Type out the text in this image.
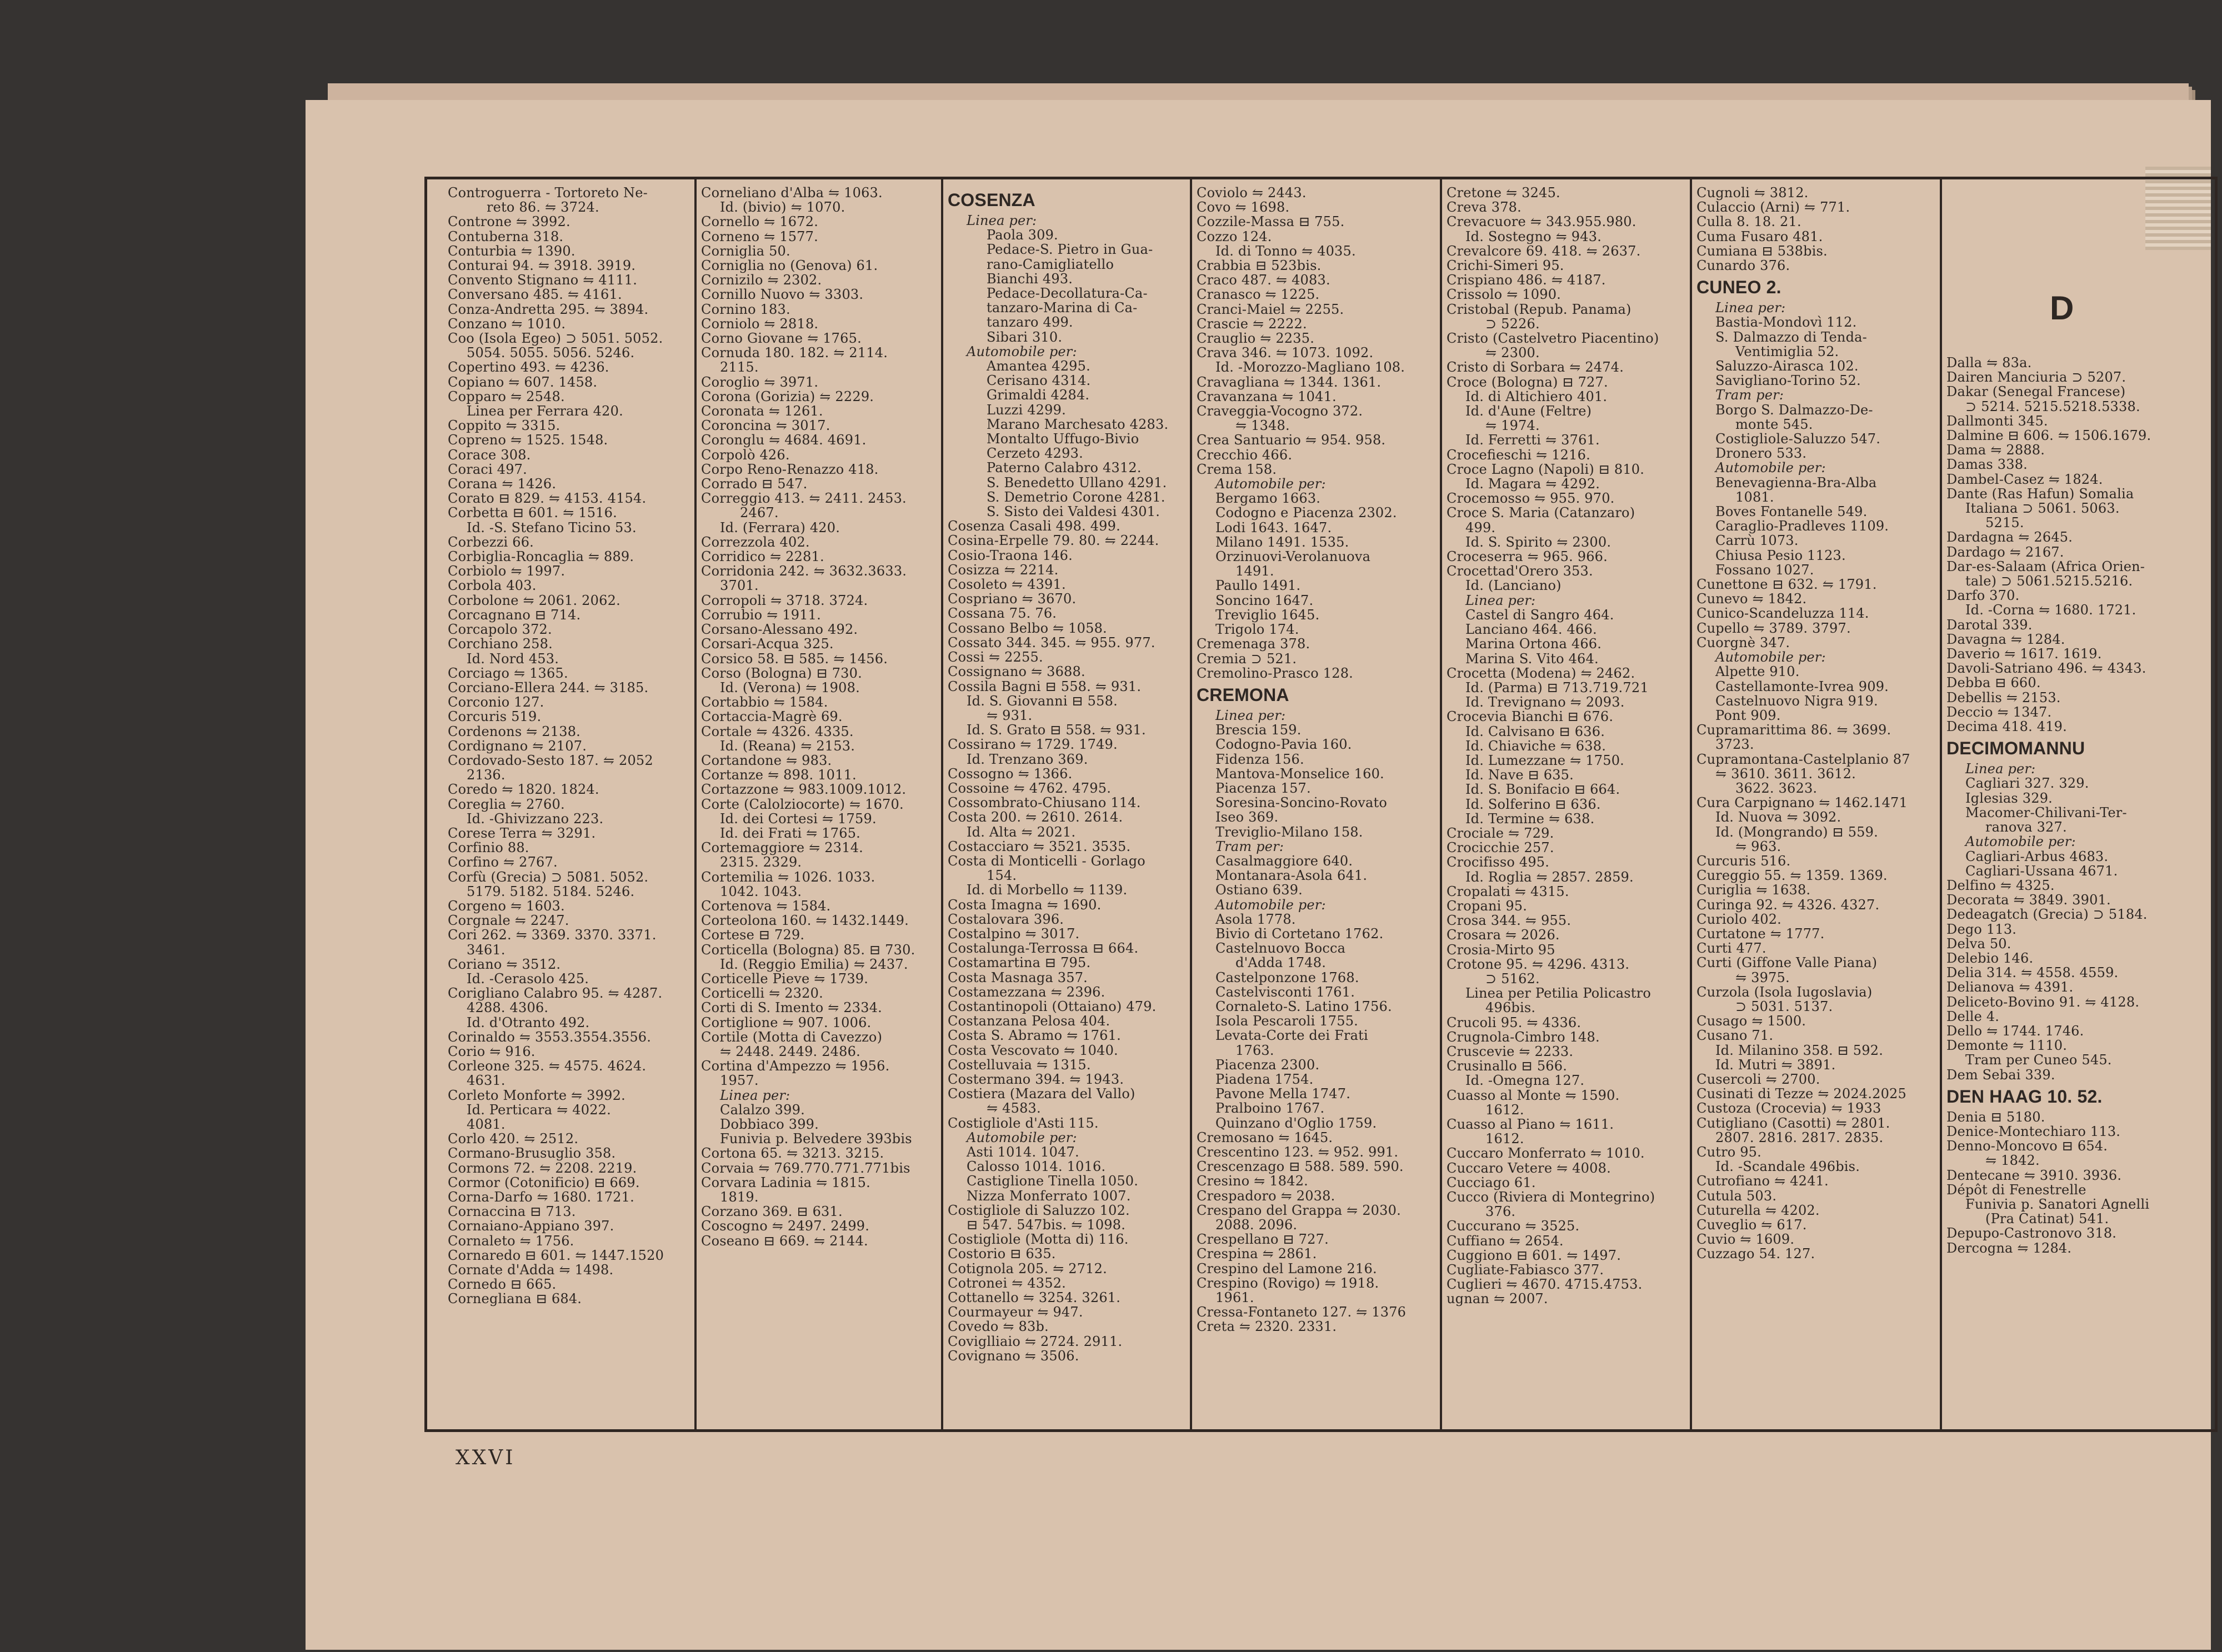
Controguerra - Tortoreto Ne-
reto 86. ⇋ 3724.
Controne ⇋ 3992.
Contuberna 318.
Conturbia ⇋ 1390.
Conturai 94. ⇋ 3918. 3919.
Convento Stignano ⇋ 4111.
Conversano 485. ⇋ 4161.
Conza-Andretta 295. ⇋ 3894.
Conzano ⇋ 1010.
Coo (Isola Egeo) ⊃ 5051. 5052.
5054. 5055. 5056. 5246.
Copertino 493. ⇋ 4236.
Copiano ⇋ 607. 1458.
Copparo ⇋ 2548.
Linea per Ferrara 420.
Coppito ⇋ 3315.
Copreno ⇋ 1525. 1548.
Corace 308.
Coraci 497.
Corana ⇋ 1426.
Corato ⊟ 829. ⇋ 4153. 4154.
Corbetta ⊟ 601. ⇋ 1516.
Id. -S. Stefano Ticino 53.
Corbezzi 66.
Corbiglia-Roncaglia ⇋ 889.
Corbiolo ⇋ 1997.
Corbola 403.
Corbolone ⇋ 2061. 2062.
Corcagnano ⊟ 714.
Corcapolo 372.
Corchiano 258.
Id. Nord 453.
Corciago ⇋ 1365.
Corciano-Ellera 244. ⇋ 3185.
Corconio 127.
Corcuris 519.
Cordenons ⇋ 2138.
Cordignano ⇋ 2107.
Cordovado-Sesto 187. ⇋ 2052
2136.
Coredo ⇋ 1820. 1824.
Coreglia ⇋ 2760.
Id. -Ghivizzano 223.
Corese Terra ⇋ 3291.
Corfinio 88.
Corfino ⇋ 2767.
Corfù (Grecia) ⊃ 5081. 5052.
5179. 5182. 5184. 5246.
Corgeno ⇋ 1603.
Corgnale ⇋ 2247.
Cori 262. ⇋ 3369. 3370. 3371.
3461.
Coriano ⇋ 3512.
Id. -Cerasolo 425.
Corigliano Calabro 95. ⇋ 4287.
4288. 4306.
Id. d'Otranto 492.
Corinaldo ⇋ 3553.3554.3556.
Corio ⇋ 916.
Corleone 325. ⇋ 4575. 4624.
4631.
Corleto Monforte ⇋ 3992.
Id. Perticara ⇋ 4022.
4081.
Corlo 420. ⇋ 2512.
Cormano-Brusuglio 358.
Cormons 72. ⇋ 2208. 2219.
Cormor (Cotonificio) ⊟ 669.
Corna-Darfo ⇋ 1680. 1721.
Cornaccina ⊟ 713.
Cornaiano-Appiano 397.
Cornaleto ⇋ 1756.
Cornaredo ⊟ 601. ⇋ 1447.1520
Cornate d'Adda ⇋ 1498.
Cornedo ⊟ 665.
Cornegliana ⊟ 684.
Corneliano d'Alba ⇋ 1063.
Id. (bivio) ⇋ 1070.
Cornello ⇋ 1672.
Corneno ⇋ 1577.
Corniglia 50.
Corniglia no (Genova) 61.
Cornizilo ⇋ 2302.
Cornillo Nuovo ⇋ 3303.
Cornino 183.
Corniolo ⇋ 2818.
Corno Giovane ⇋ 1765.
Cornuda 180. 182. ⇋ 2114.
2115.
Coroglio ⇋ 3971.
Corona (Gorizia) ⇋ 2229.
Coronata ⇋ 1261.
Coroncina ⇋ 3017.
Coronglu ⇋ 4684. 4691.
Corpolò 426.
Corpo Reno-Renazzo 418.
Corrado ⊟ 547.
Correggio 413. ⇋ 2411. 2453.
2467.
Id. (Ferrara) 420.
Correzzola 402.
Corridico ⇋ 2281.
Corridonia 242. ⇋ 3632.3633.
3701.
Corropoli ⇋ 3718. 3724.
Corrubio ⇋ 1911.
Corsano-Alessano 492.
Corsari-Acqua 325.
Corsico 58. ⊟ 585. ⇋ 1456.
Corso (Bologna) ⊟ 730.
Id. (Verona) ⇋ 1908.
Cortabbio ⇋ 1584.
Cortaccia-Magrè 69.
Cortale ⇋ 4326. 4335.
Id. (Reana) ⇋ 2153.
Cortandone ⇋ 983.
Cortanze ⇋ 898. 1011.
Cortazzone ⇋ 983.1009.1012.
Corte (Calolziocorte) ⇋ 1670.
Id. dei Cortesi ⇋ 1759.
Id. dei Frati ⇋ 1765.
Cortemaggiore ⇋ 2314.
2315. 2329.
Cortemilia ⇋ 1026. 1033.
1042. 1043.
Cortenova ⇋ 1584.
Corteolona 160. ⇋ 1432.1449.
Cortese ⊟ 729.
Corticella (Bologna) 85. ⊟ 730.
Id. (Reggio Emilia) ⇋ 2437.
Corticelle Pieve ⇋ 1739.
Corticelli ⇋ 2320.
Corti di S. Imento ⇋ 2334.
Cortiglione ⇋ 907. 1006.
Cortile (Motta di Cavezzo)
⇋ 2448. 2449. 2486.
Cortina d'Ampezzo ⇋ 1956.
1957.
Linea per:
Calalzo 399.
Dobbiaco 399.
Funivia p. Belvedere 393bis
Cortona 65. ⇋ 3213. 3215.
Corvaia ⇋ 769.770.771.771bis
Corvara Ladinia ⇋ 1815.
1819.
Corzano 369. ⊟ 631.
Coscogno ⇋ 2497. 2499.
Coseano ⊟ 669. ⇋ 2144.
COSENZA
Linea per:
Paola 309.
Pedace-S. Pietro in Gua-
rano-Camigliatello
Bianchi 493.
Pedace-Decollatura-Ca-
tanzaro-Marina di Ca-
tanzaro 499.
Sibari 310.
Automobile per:
Amantea 4295.
Cerisano 4314.
Grimaldi 4284.
Luzzi 4299.
Marano Marchesato 4283.
Montalto Uffugo-Bivio
Cerzeto 4293.
Paterno Calabro 4312.
S. Benedetto Ullano 4291.
S. Demetrio Corone 4281.
S. Sisto dei Valdesi 4301.
Cosenza Casali 498. 499.
Cosina-Erpelle 79. 80. ⇋ 2244.
Cosio-Traona 146.
Cosizza ⇋ 2214.
Cosoleto ⇋ 4391.
Cospriano ⇋ 3670.
Cossana 75. 76.
Cossano Belbo ⇋ 1058.
Cossato 344. 345. ⇋ 955. 977.
Cossi ⇋ 2255.
Cossignano ⇋ 3688.
Cossila Bagni ⊟ 558. ⇋ 931.
Id. S. Giovanni ⊟ 558.
⇋ 931.
Id. S. Grato ⊟ 558. ⇋ 931.
Cossirano ⇋ 1729. 1749.
Id. Trenzano 369.
Cossogno ⇋ 1366.
Cossoine ⇋ 4762. 4795.
Cossombrato-Chiusano 114.
Costa 200. ⇋ 2610. 2614.
Id. Alta ⇋ 2021.
Costacciaro ⇋ 3521. 3535.
Costa di Monticelli - Gorlago
154.
Id. di Morbello ⇋ 1139.
Costa Imagna ⇋ 1690.
Costalovara 396.
Costalpino ⇋ 3017.
Costalunga-Terrossa ⊟ 664.
Costamartina ⊟ 795.
Costa Masnaga 357.
Costamezzana ⇋ 2396.
Costantinopoli (Ottaiano) 479.
Costanzana Pelosa 404.
Costa S. Abramo ⇋ 1761.
Costa Vescovato ⇋ 1040.
Costelluvaia ⇋ 1315.
Costermano 394. ⇋ 1943.
Costiera (Mazara del Vallo)
⇋ 4583.
Costigliole d'Asti 115.
Automobile per:
Asti 1014. 1047.
Calosso 1014. 1016.
Castiglione Tinella 1050.
Nizza Monferrato 1007.
Costigliole di Saluzzo 102.
⊟ 547. 547bis. ⇋ 1098.
Costigliole (Motta di) 116.
Costorio ⊟ 635.
Cotignola 205. ⇋ 2712.
Cotronei ⇋ 4352.
Cottanello ⇋ 3254. 3261.
Courmayeur ⇋ 947.
Covedo ⇋ 83b.
Coviglliaio ⇋ 2724. 2911.
Covignano ⇋ 3506.
Coviolo ⇋ 2443.
Covo ⇋ 1698.
Cozzile-Massa ⊟ 755.
Cozzo 124.
Id. di Tonno ⇋ 4035.
Crabbia ⊟ 523bis.
Craco 487. ⇋ 4083.
Cranasco ⇋ 1225.
Cranci-Maiel ⇋ 2255.
Crascie ⇋ 2222.
Crauglio ⇋ 2235.
Crava 346. ⇋ 1073. 1092.
Id. -Morozzo-Magliano 108.
Cravagliana ⇋ 1344. 1361.
Cravanzana ⇋ 1041.
Craveggia-Vocogno 372.
⇋ 1348.
Crea Santuario ⇋ 954. 958.
Crecchio 466.
Crema 158.
Automobile per:
Bergamo 1663.
Codogno e Piacenza 2302.
Lodi 1643. 1647.
Milano 1491. 1535.
Orzinuovi-Verolanuova
1491.
Paullo 1491.
Soncino 1647.
Treviglio 1645.
Trigolo 174.
Cremenaga 378.
Cremia ⊃ 521.
Cremolino-Prasco 128.
CREMONA
Linea per:
Brescia 159.
Codogno-Pavia 160.
Fidenza 156.
Mantova-Monselice 160.
Piacenza 157.
Soresina-Soncino-Rovato
Iseo 369.
Treviglio-Milano 158.
Tram per:
Casalmaggiore 640.
Montanara-Asola 641.
Ostiano 639.
Automobile per:
Asola 1778.
Bivio di Cortetano 1762.
Castelnuovo Bocca
d'Adda 1748.
Castelponzone 1768.
Castelvisconti 1761.
Cornaleto-S. Latino 1756.
Isola Pescaroli 1755.
Levata-Corte dei Frati
1763.
Piacenza 2300.
Piadena 1754.
Pavone Mella 1747.
Pralboino 1767.
Quinzano d'Oglio 1759.
Cremosano ⇋ 1645.
Crescentino 123. ⇋ 952. 991.
Crescenzago ⊟ 588. 589. 590.
Cresino ⇋ 1842.
Crespadoro ⇋ 2038.
Crespano del Grappa ⇋ 2030.
2088. 2096.
Crespellano ⊟ 727.
Crespina ⇋ 2861.
Crespino del Lamone 216.
Crespino (Rovigo) ⇋ 1918.
1961.
Cressa-Fontaneto 127. ⇋ 1376
Creta ⇋ 2320. 2331.
Cretone ⇋ 3245.
Creva 378.
Crevacuore ⇋ 343.955.980.
Id. Sostegno ⇋ 943.
Crevalcore 69. 418. ⇋ 2637.
Crichi-Simeri 95.
Crispiano 486. ⇋ 4187.
Crissolo ⇋ 1090.
Cristobal (Repub. Panama)
⊃ 5226.
Cristo (Castelvetro Piacentino)
⇋ 2300.
Cristo di Sorbara ⇋ 2474.
Croce (Bologna) ⊟ 727.
Id. di Altichiero 401.
Id. d'Aune (Feltre)
⇋ 1974.
Id. Ferretti ⇋ 3761.
Croceﬁeschi ⇋ 1216.
Croce Lagno (Napoli) ⊟ 810.
Id. Magara ⇋ 4292.
Crocemosso ⇋ 955. 970.
Croce S. Maria (Catanzaro)
499.
Id. S. Spirito ⇋ 2300.
Croceserra ⇋ 965. 966.
Crocettad'Orero 353.
Id. (Lanciano)
Linea per:
Castel di Sangro 464.
Lanciano 464. 466.
Marina Ortona 466.
Marina S. Vito 464.
Crocetta (Modena) ⇋ 2462.
Id. (Parma) ⊟ 713.719.721
Id. Trevignano ⇋ 2093.
Crocevia Bianchi ⊟ 676.
Id. Calvisano ⊟ 636.
Id. Chiaviche ⇋ 638.
Id. Lumezzane ⇋ 1750.
Id. Nave ⊟ 635.
Id. S. Bonifacio ⊟ 664.
Id. Solferino ⊟ 636.
Id. Termine ⇋ 638.
Crociale ⇋ 729.
Crocicchie 257.
Crocifisso 495.
Id. Roglia ⇋ 2857. 2859.
Cropalati ⇋ 4315.
Cropani 95.
Crosa 344. ⇋ 955.
Crosara ⇋ 2026.
Crosia-Mirto 95
Crotone 95. ⇋ 4296. 4313.
⊃ 5162.
Linea per Petilia Policastro
496bis.
Crucoli 95. ⇋ 4336.
Crugnola-Cimbro 148.
Cruscevie ⇋ 2233.
Crusinallo ⊟ 566.
Id. -Omegna 127.
Cuasso al Monte ⇋ 1590.
1612.
Cuasso al Piano ⇋ 1611.
1612.
Cuccaro Monferrato ⇋ 1010.
Cuccaro Vetere ⇋ 4008.
Cucciago 61.
Cucco (Riviera di Montegrino)
376.
Cuccurano ⇋ 3525.
Cuffiano ⇋ 2654.
Cuggiono ⊟ 601. ⇋ 1497.
Cugliate-Fabiasco 377.
Cuglieri ⇋ 4670. 4715.4753.
ugnan ⇋ 2007.
Cugnoli ⇋ 3812.
Culaccio (Arni) ⇋ 771.
Culla 8. 18. 21.
Cuma Fusaro 481.
Cumiana ⊟ 538bis.
Cunardo 376.
CUNEO 2.
Linea per:
Bastia-Mondovì 112.
S. Dalmazzo di Tenda-
Ventimiglia 52.
Saluzzo-Airasca 102.
Savigliano-Torino 52.
Tram per:
Borgo S. Dalmazzo-De-
monte 545.
Costigliole-Saluzzo 547.
Dronero 533.
Automobile per:
Benevagienna-Bra-Alba
1081.
Boves Fontanelle 549.
Caraglio-Pradleves 1109.
Carrù 1073.
Chiusa Pesio 1123.
Fossano 1027.
Cunettone ⊟ 632. ⇋ 1791.
Cunevo ⇋ 1842.
Cunico-Scandeluzza 114.
Cupello ⇋ 3789. 3797.
Cuorgnè 347.
Automobile per:
Alpette 910.
Castellamonte-Ivrea 909.
Castelnuovo Nigra 919.
Pont 909.
Cupramarittima 86. ⇋ 3699.
3723.
Cupramontana-Castelplanio 87
⇋ 3610. 3611. 3612.
3622. 3623.
Cura Carpignano ⇋ 1462.1471
Id. Nuova ⇋ 3092.
Id. (Mongrando) ⊟ 559.
⇋ 963.
Curcuris 516.
Cureggio 55. ⇋ 1359. 1369.
Curiglia ⇋ 1638.
Curinga 92. ⇋ 4326. 4327.
Curiolo 402.
Curtatone ⇋ 1777.
Curti 477.
Curti (Giffone Valle Piana)
⇋ 3975.
Curzola (Isola Iugoslavia)
⊃ 5031. 5137.
Cusago ⇋ 1500.
Cusano 71.
Id. Milanino 358. ⊟ 592.
Id. Mutri ⇋ 3891.
Cusercoli ⇋ 2700.
Cusinati di Tezze ⇋ 2024.2025
Custoza (Crocevia) ⇋ 1933
Cutigliano (Casotti) ⇋ 2801.
2807. 2816. 2817. 2835.
Cutro 95.
Id. -Scandale 496bis.
Cutrofiano ⇋ 4241.
Cutula 503.
Cuturella ⇋ 4202.
Cuveglio ⇋ 617.
Cuvio ⇋ 1609.
Cuzzago 54. 127.
Dalla ⇋ 83a.
Dairen Manciuria ⊃ 5207.
Dakar (Senegal Francese)
⊃ 5214. 5215.5218.5338.
Dallmonti 345.
Dalmine ⊟ 606. ⇋ 1506.1679.
Dama ⇋ 2888.
Damas 338.
Dambel-Casez ⇋ 1824.
Dante (Ras Hafun) Somalia
Italiana ⊃ 5061. 5063.
5215.
Dardagna ⇋ 2645.
Dardago ⇋ 2167.
Dar-es-Salaam (Africa Orien-
tale) ⊃ 5061.5215.5216.
Darfo 370.
Id. -Corna ⇋ 1680. 1721.
Darotal 339.
Davagna ⇋ 1284.
Daverio ⇋ 1617. 1619.
Davoli-Satriano 496. ⇋ 4343.
Debba ⊟ 660.
Debellis ⇋ 2153.
Deccio ⇋ 1347.
Decima 418. 419.
DECIMOMANNU
Linea per:
Cagliari 327. 329.
Iglesias 329.
Macomer-Chilivani-Ter-
ranova 327.
Automobile per:
Cagliari-Arbus 4683.
Cagliari-Ussana 4671.
Delfino ⇋ 4325.
Decorata ⇋ 3849. 3901.
Dedeagatch (Grecia) ⊃ 5184.
Dego 113.
Delva 50.
Delebio 146.
Delia 314. ⇋ 4558. 4559.
Delianova ⇋ 4391.
Deliceto-Bovino 91. ⇋ 4128.
Delle 4.
Dello ⇋ 1744. 1746.
Demonte ⇋ 1110.
Tram per Cuneo 545.
Dem Sebai 339.
DEN HAAG 10. 52.
Denia ⊟ 5180.
Denice-Montechiaro 113.
Denno-Moncovo ⊟ 654.
⇋ 1842.
Dentecane ⇋ 3910. 3936.
Dépôt di Fenestrelle
Funivia p. Sanatori Agnelli
(Pra Catinat) 541.
Depupo-Castronovo 318.
Dercogna ⇋ 1284.
D
XXVI
